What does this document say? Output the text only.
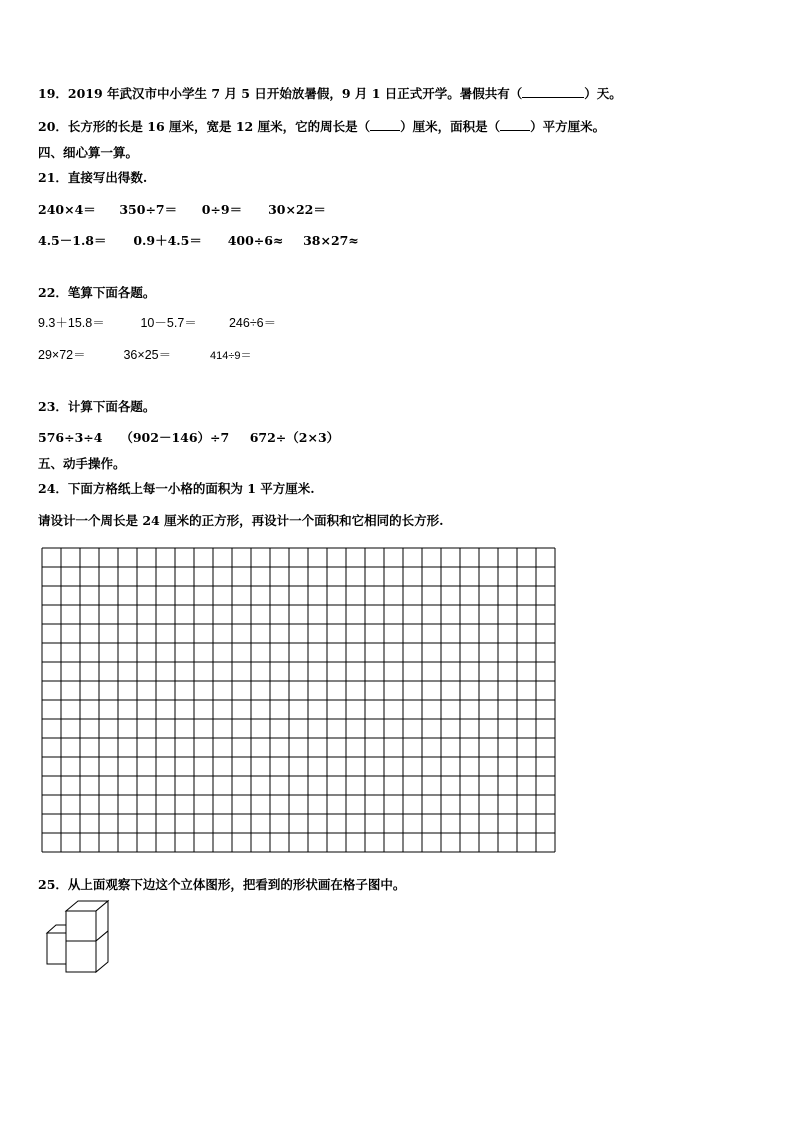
19．2019 年武汉市中小学生 7 月 5 日开始放暑假，9 月 1 日正式开学。暑假共有（	）天。
20．长方形的长是 16 厘米，宽是 12 厘米，它的周长是（ ）厘米，面积是（ ）平方厘米。
四、细心算一算。
21．直接写出得数.
240×4＝ 350÷7＝ 0÷9＝ 30×22＝
4.5－1.8＝ 0.9＋4.5＝ 400÷6≈ 38×27≈
22．笔算下面各题。
9.3＋15.8＝	10－5.7＝	246÷6＝
29×72＝	36×25＝	414÷9＝
23．计算下面各题。
576÷3÷4 （902－146）÷7 672÷（2×3）
五、动手操作。
24．下面方格纸上每一小格的面积为 1 平方厘米.
请设计一个周长是 24 厘米的正方形，再设计一个面积和它相同的长方形.
25．从上面观察下边这个立体图形，把看到的形状画在格子图中。
